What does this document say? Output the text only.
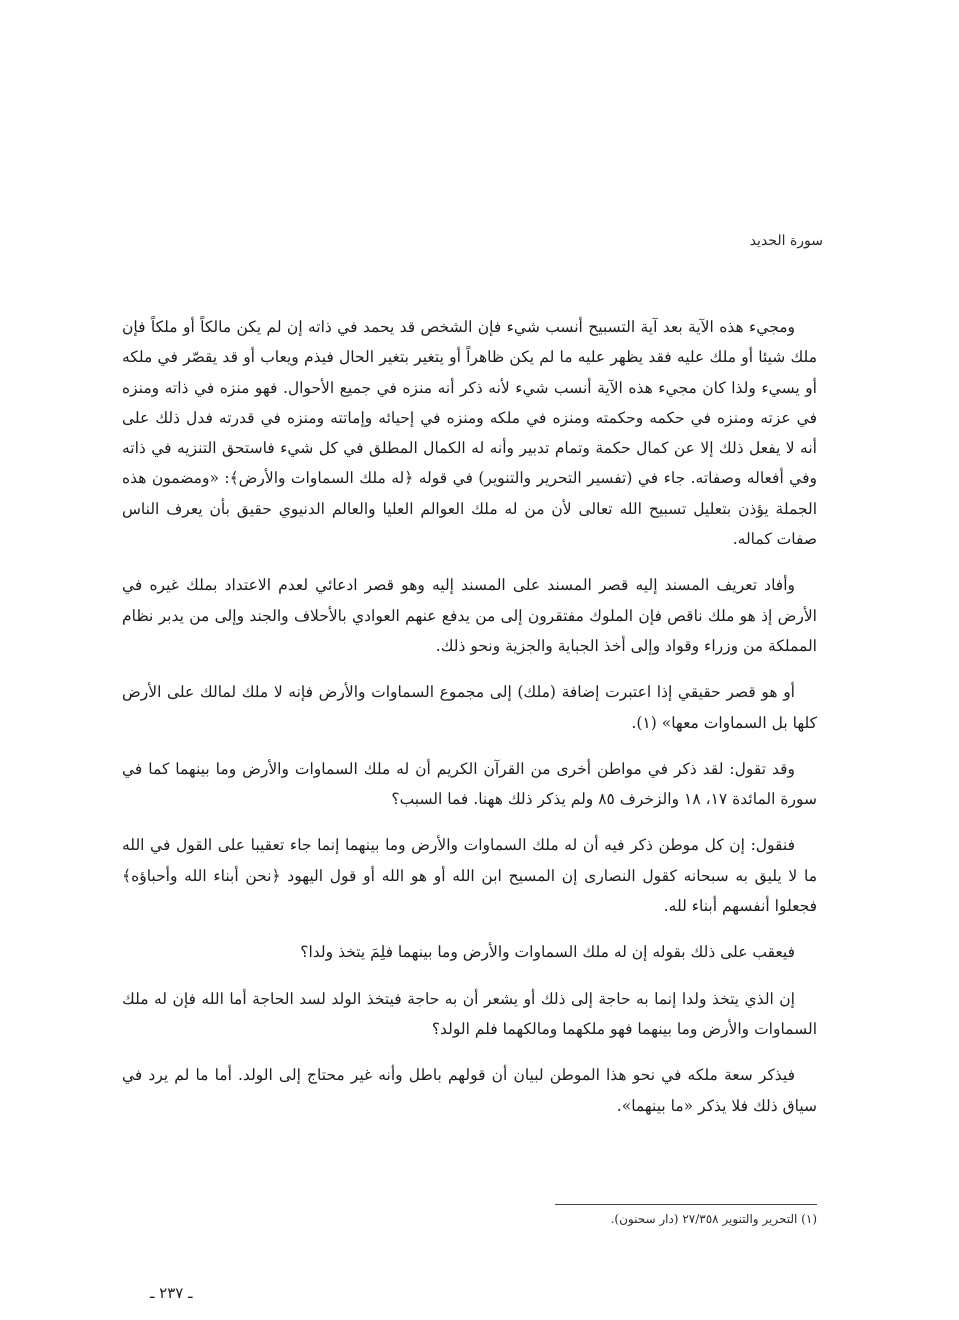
سورة الحديد

ومجيء هذه الآية بعد آية التسبيح أنسب شيء فإن الشخص قد يحمد في ذاته إن لم يكن مالكاً أو ملكاً فإن ملك شيئا أو ملك عليه فقد يظهر عليه ما لم يكن ظاهراً أو يتغير بتغير الحال فيذم ويعاب أو قد يقصّر في ملكه أو يسيء ولذا كان مجيء هذه الآية أنسب شيء لأنه ذكر أنه منزه في جميع الأحوال. فهو منزه في ذاته ومنزه في عزته ومنزه في حكمه وحكمته ومنزه في ملكه ومنزه في إحيائه وإماتته ومنزه في قدرته فدل ذلك على أنه لا يفعل ذلك إلا عن كمال حكمة وتمام تدبير وأنه له الكمال المطلق في كل شيء فاستحق التنزيه في ذاته وفي أفعاله وصفاته. جاء في (تفسير التحرير والتنوير) في قوله ﴿له ملك السماوات والأرض﴾: «ومضمون هذه الجملة يؤذن بتعليل تسبيح الله تعالى لأن من له ملك العوالم العليا والعالم الدنيوي حقيق بأن يعرف الناس صفات كماله.

وأفاد تعريف المسند إليه قصر المسند على المسند إليه وهو قصر ادعائي لعدم الاعتداد بملك غيره في الأرض إذ هو ملك ناقص فإن الملوك مفتقرون إلى من يدفع عنهم العوادي بالأحلاف والجند وإلى من يدبر نظام المملكة من وزراء وقواد وإلى أخذ الجباية والجزية ونحو ذلك.

أو هو قصر حقيقي إذا اعتبرت إضافة (ملك) إلى مجموع السماوات والأرض فإنه لا ملك لمالك على الأرض كلها بل السماوات معها» (١).

وقد تقول: لقد ذكر في مواطن أخرى من القرآن الكريم أن له ملك السماوات والأرض وما بينهما كما في سورة المائدة ١٧، ١٨ والزخرف ٨٥ ولم يذكر ذلك ههنا. فما السبب؟

فنقول: إن كل موطن ذكر فيه أن له ملك السماوات والأرض وما بينهما إنما جاء تعقيبا على القول في الله ما لا يليق به سبحانه كقول النصارى إن المسيح ابن الله أو هو الله أو قول اليهود ﴿نحن أبناء الله وأحباؤه﴾ فجعلوا أنفسهم أبناء لله.

فيعقب على ذلك بقوله إن له ملك السماوات والأرض وما بينهما فلِمَ يتخذ ولدا؟

إن الذي يتخذ ولدا إنما به حاجة إلى ذلك أو يشعر أن به حاجة فيتخذ الولد لسد الحاجة أما الله فإن له ملك السماوات والأرض وما بينهما فهو ملكهما ومالكهما فلم الولد؟

فيذكر سعة ملكه في نحو هذا الموطن لبيان أن قولهم باطل وأنه غير محتاج إلى الولد. أما ما لم يرد في سياق ذلك فلا يذكر «ما بينهما».

(١) التحرير والتنوير ٢٧/٣٥٨ (دار سحنون).
ـ ٢٣٧ ـ
